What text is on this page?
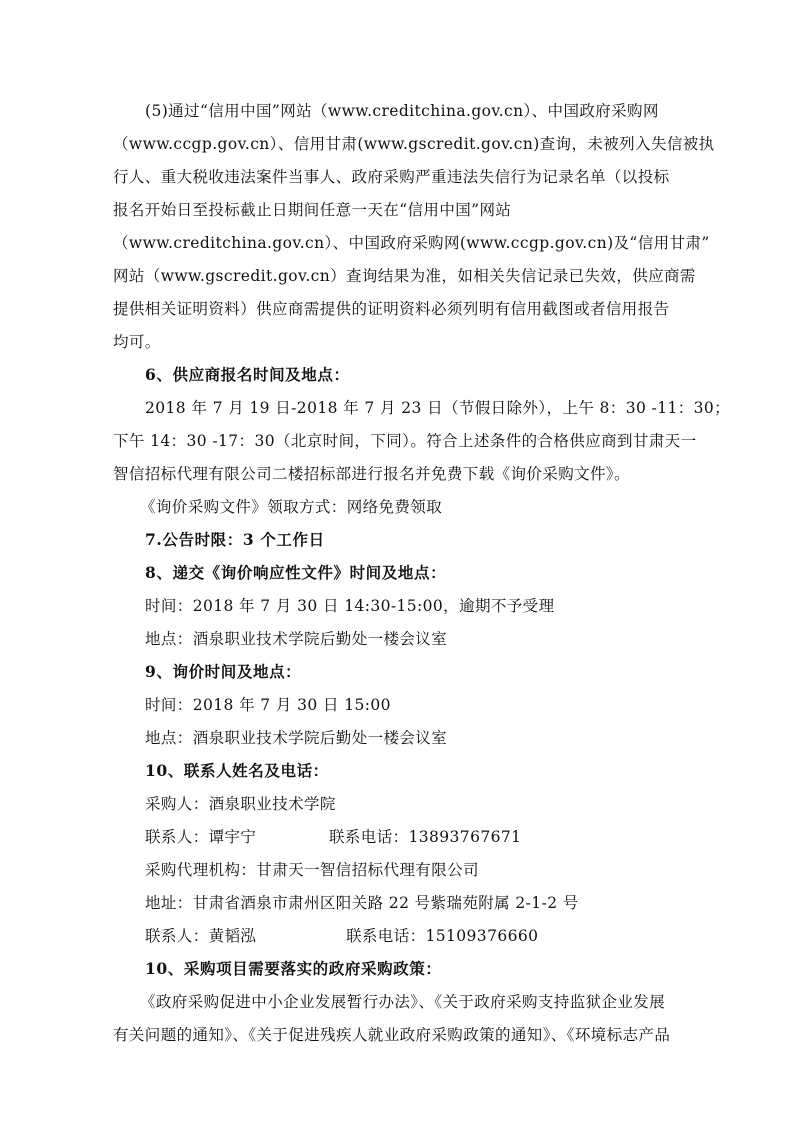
(5)通过“信用中国”网站（www.creditchina.gov.cn）、中国政府采购网
（www.ccgp.gov.cn）、信用甘肃(www.gscredit.gov.cn)查询，未被列入失信被执
行人、重大税收违法案件当事人、政府采购严重违法失信行为记录名单（以投标
报名开始日至投标截止日期间任意一天在“信用中国”网站
（www.creditchina.gov.cn）、中国政府采购网(www.ccgp.gov.cn)及“信用甘肃”
网站（www.gscredit.gov.cn）查询结果为准，如相关失信记录已失效，供应商需
提供相关证明资料）供应商需提供的证明资料必须列明有信用截图或者信用报告
均可。
6、供应商报名时间及地点：
2018 年 7 月 19 日-2018 年 7 月 23 日（节假日除外），上午 8：30 -11：30；
下午 14：30 -17：30（北京时间，下同）。符合上述条件的合格供应商到甘肃天一
智信招标代理有限公司二楼招标部进行报名并免费下载《询价采购文件》。
《询价采购文件》领取方式：网络免费领取
7.公告时限：3 个工作日
8、递交《询价响应性文件》时间及地点：
时间：2018 年 7 月 30 日 14:30-15:00，逾期不予受理
地点：酒泉职业技术学院后勤处一楼会议室
9、询价时间及地点：
时间：2018 年 7 月 30 日 15:00
地点：酒泉职业技术学院后勤处一楼会议室
10、联系人姓名及电话：
采购人：酒泉职业技术学院
联系人：谭宇宁	联系电话：13893767671
采购代理机构：甘肃天一智信招标代理有限公司
地址：甘肃省酒泉市肃州区阳关路 22 号紫瑞苑附属 2-1-2 号
联系人：黄韬泓	联系电话：15109376660
10、采购项目需要落实的政府采购政策：
《政府采购促进中小企业发展暂行办法》、《关于政府采购支持监狱企业发展
有关问题的通知》、《关于促进残疾人就业政府采购政策的通知》、《环境标志产品
